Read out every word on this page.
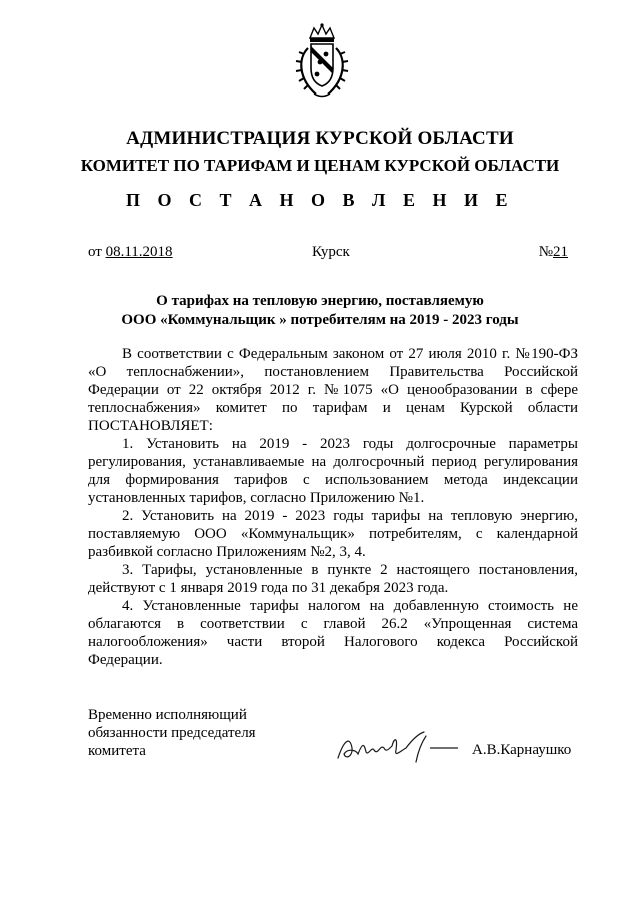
АДМИНИСТРАЦИЯ КУРСКОЙ ОБЛАСТИ
КОМИТЕТ ПО ТАРИФАМ И ЦЕНАМ КУРСКОЙ ОБЛАСТИ
П О С Т А Н О В Л Е Н И Е
от 08.11.2018	Курск	№21
О тарифах на тепловую энергию, поставляемую
ООО «Коммунальщик » потребителям на 2019 - 2023 годы

В соответствии с Федеральным законом от 27 июля 2010 г. №190-ФЗ «О теплоснабжении», постановлением Правительства Российской Федерации от 22 октября 2012 г. №1075 «О ценообразовании в сфере теплоснабжения» комитет по тарифам и ценам Курской области ПОСТАНОВЛЯЕТ:

1. Установить на 2019 - 2023 годы долгосрочные параметры регулирования, устанавливаемые на долгосрочный период регулирования для формирования тарифов с использованием метода индексации установленных тарифов, согласно Приложению №1.

2. Установить на 2019 - 2023 годы тарифы на тепловую энергию, поставляемую ООО «Коммунальщик» потребителям, с календарной разбивкой согласно Приложениям №2, 3, 4.

3. Тарифы, установленные в пункте 2 настоящего постановления, действуют с 1 января 2019 года по 31 декабря 2023 года.

4. Установленные тарифы налогом на добавленную стоимость не облагаются в соответствии с главой 26.2 «Упрощенная система налогообложения» части второй Налогового кодекса Российской Федерации.

Временно исполняющий
обязанности председателя
комитета	А.В.Карнаушко
